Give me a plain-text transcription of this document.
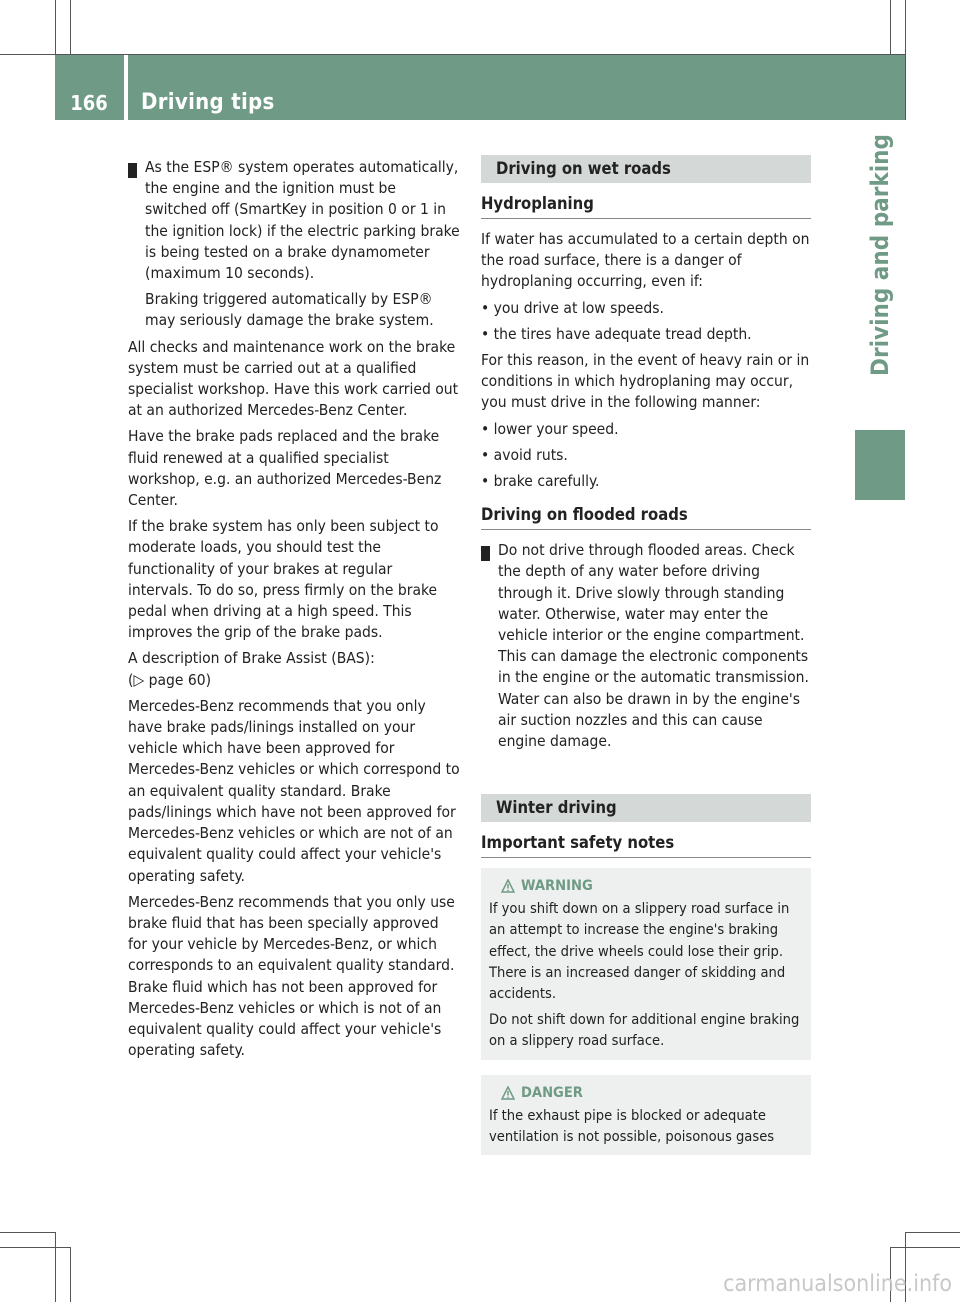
166	Driving tips
Driving and parking

! As the ESP® system operates automatically, the engine and the ignition must be switched off (SmartKey in position 0 or 1 in the ignition lock) if the electric parking brake is being tested on a brake dynamometer (maximum 10 seconds).

Braking triggered automatically by ESP® may seriously damage the brake system.

All checks and maintenance work on the brake system must be carried out at a qualified specialist workshop. Have this work carried out at an authorized Mercedes-Benz Center.

Have the brake pads replaced and the brake fluid renewed at a qualified specialist workshop, e.g. an authorized Mercedes-Benz Center.

If the brake system has only been subject to moderate loads, you should test the functionality of your brakes at regular intervals. To do so, press firmly on the brake pedal when driving at a high speed. This improves the grip of the brake pads.

A description of Brake Assist (BAS):

(▷ page 60)

Mercedes-Benz recommends that you only have brake pads/linings installed on your vehicle which have been approved for Mercedes-Benz vehicles or which correspond to an equivalent quality standard. Brake pads/linings which have not been approved for Mercedes-Benz vehicles or which are not of an equivalent quality could affect your vehicle's operating safety.

Mercedes-Benz recommends that you only use brake fluid that has been specially approved for your vehicle by Mercedes-Benz, or which corresponds to an equivalent quality standard. Brake fluid which has not been approved for Mercedes-Benz vehicles or which is not of an equivalent quality could affect your vehicle's operating safety.

Driving on wet roads
Hydroplaning

If water has accumulated to a certain depth on the road surface, there is a danger of hydroplaning occurring, even if:

• you drive at low speeds.

• the tires have adequate tread depth.

For this reason, in the event of heavy rain or in conditions in which hydroplaning may occur, you must drive in the following manner:

• lower your speed.

• avoid ruts.

• brake carefully.

Driving on flooded roads

! Do not drive through flooded areas. Check the depth of any water before driving through it. Drive slowly through standing water. Otherwise, water may enter the vehicle interior or the engine compartment. This can damage the electronic components in the engine or the automatic transmission. Water can also be drawn in by the engine's air suction nozzles and this can cause engine damage.

Winter driving
Important safety notes
WARNING

If you shift down on a slippery road surface in an attempt to increase the engine's braking effect, the drive wheels could lose their grip. There is an increased danger of skidding and accidents.

Do not shift down for additional engine braking on a slippery road surface.

DANGER

If the exhaust pipe is blocked or adequate ventilation is not possible, poisonous gases

carmanualsonline.info
